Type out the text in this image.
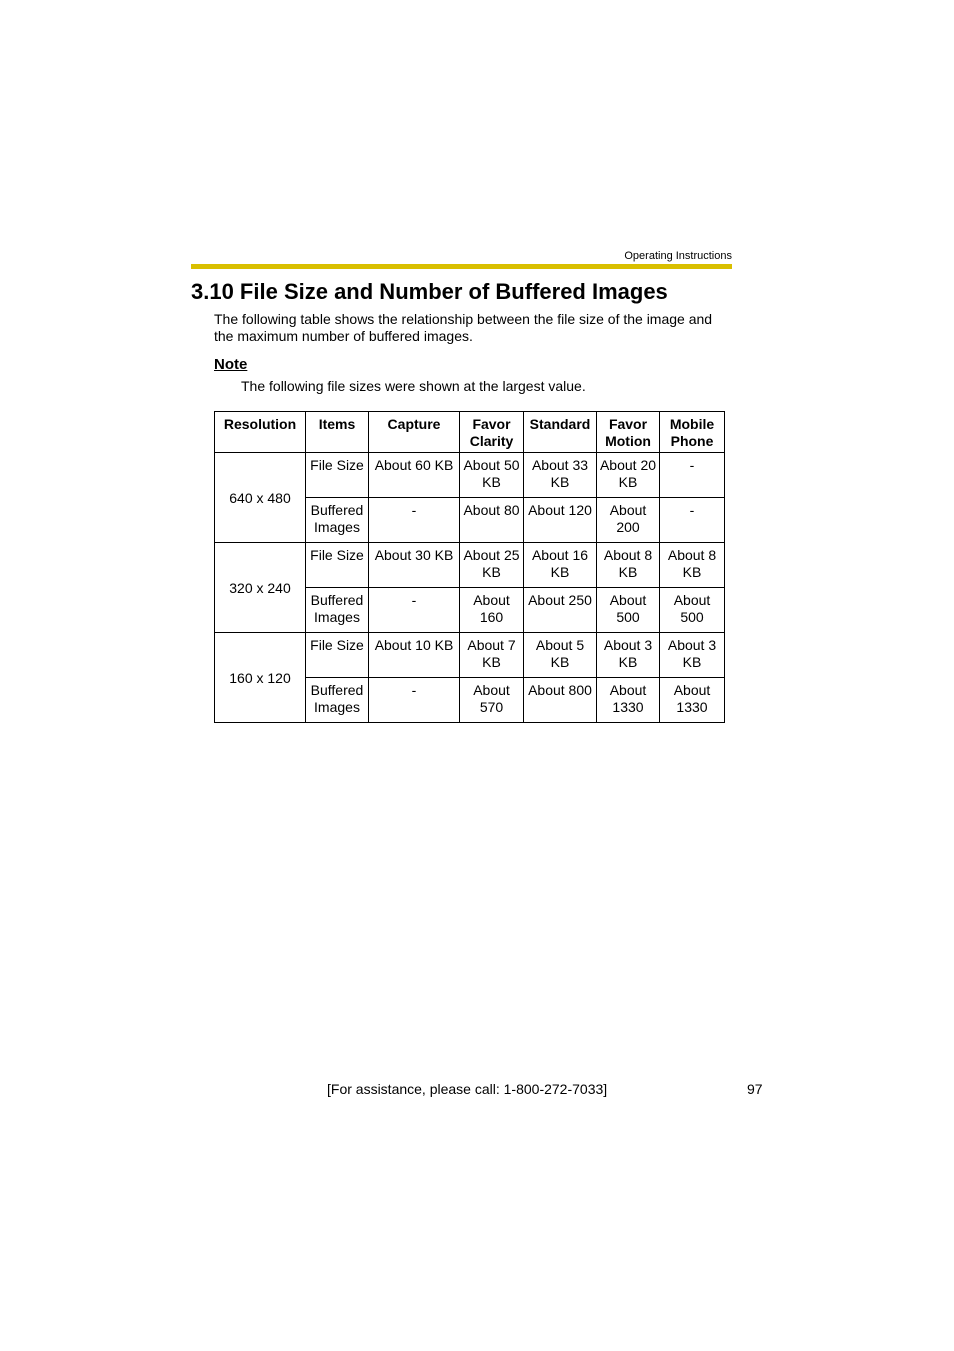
Operating Instructions
3.10 File Size and Number of Buffered Images

The following table shows the relationship between the file size of the image and the maximum number of buffered images.

Note

The following file sizes were shown at the largest value.

Resolution	Items	Capture	Favor Clarity	Standard	Favor Motion	Mobile Phone
640 x 480	File Size	About 60 KB	About 50 KB	About 33 KB	About 20 KB	-
	Buffered Images	-	About 80	About 120	About 200	-
320 x 240	File Size	About 30 KB	About 25 KB	About 16 KB	About 8 KB	About 8 KB
	Buffered Images	-	About 160	About 250	About 500	About 500
160 x 120	File Size	About 10 KB	About 7 KB	About 5 KB	About 3 KB	About 3 KB
	Buffered Images	-	About 570	About 800	About 1330	About 1330
[For assistance, please call: 1-800-272-7033]	97
